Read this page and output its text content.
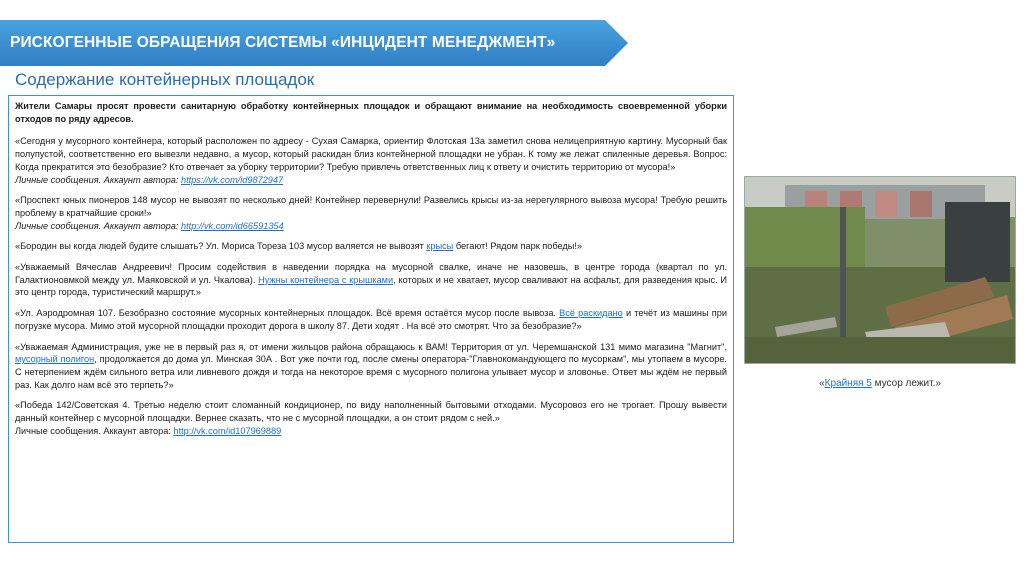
РИСКОГЕННЫЕ ОБРАЩЕНИЯ СИСТЕМЫ «ИНЦИДЕНТ МЕНЕДЖМЕНТ»
Содержание контейнерных площадок

Жители Самары просят провести санитарную обработку контейнерных площадок и обращают внимание на необходимость своевременной уборки отходов по ряду адресов.

«Сегодня у мусорного контейнера, который расположен по адресу - Сухая Самарка, ориентир Флотская 13а заметил снова нелицеприятную картину. Мусорный бак полупустой, соответственно его вывезли недавно, а мусор, который раскидан близ контейнерной площадки не убран. К тому же лежат спиленные деревья. Вопрос: Когда прекратится это безобразие? Кто отвечает за уборку территории? Требую привлечь ответственных лиц к ответу и очистить территорию от мусора!»
Личные сообщения. Аккаунт автора: https://vk.com/id9872947

«Проспект юных пионеров 148 мусор не вывозят по несколько дней! Контейнер перевернули! Развелись крысы из-за нерегулярного вывоза мусора! Требую решить проблему в кратчайшие сроки!»
Личные сообщения. Аккаунт автора: http://vk.com/id66591354

«Бородин вы когда людей будите слышать? Ул. Мориса Тореза 103 мусор валяется не вывозят крысы бегают! Рядом парк победы!»

«Уважаемый Вячеслав Андреевич! Просим содействия в наведении порядка на мусорной свалке, иначе не назовешь, в центре города (квартал по ул. Галактионовмкой между ул. Маяковской и ул. Чкалова). Нужны контейнера с крышками, которых и не хватает, мусор сваливают на асфальт, для разведения крыс. И это центр города, туристический маршрут.»

«Ул. Аэродромная 107. Безобразно состояние мусорных контейнерных площадок. Всё время остаётся мусор после вывоза. Всё раскидано и течёт из машины при погрузке мусора. Мимо этой мусорной площадки проходит дорога в школу 87. Дети ходят . На всё это смотрят. Что за безобразие?»

«Уважаемая Администрация, уже не в первый раз я, от имени жильцов района обращаюсь к ВАМ! Территория от ул. Черемшанской 131 мимо магазина "Магнит", мусорный полигон, продолжается до дома ул. Минская 30А . Вот уже почти год, после смены оператора-"Главнокомандующего по мусоркам", мы утопаем в мусоре. С нетерпением ждём сильного ветра или ливневого дождя и тогда на некоторое время с мусорного полигона улывает мусор и зловонье. Ответ мы ждём не первый раз. Как долго нам всё это терпеть?»

«Победа 142/Советская 4. Третью неделю стоит сломанный кондиционер, по виду наполненный бытовыми отходами. Мусоровоз его не трогает. Прошу вывести данный контейнер с мусорной площадки. Вернее сказать, что не с мусорной площадки, а он стоит рядом с ней.»
Личные сообщения. Аккаунт автора: http://vk.com/id107969889

«Крайняя 5 мусор лежит.»
